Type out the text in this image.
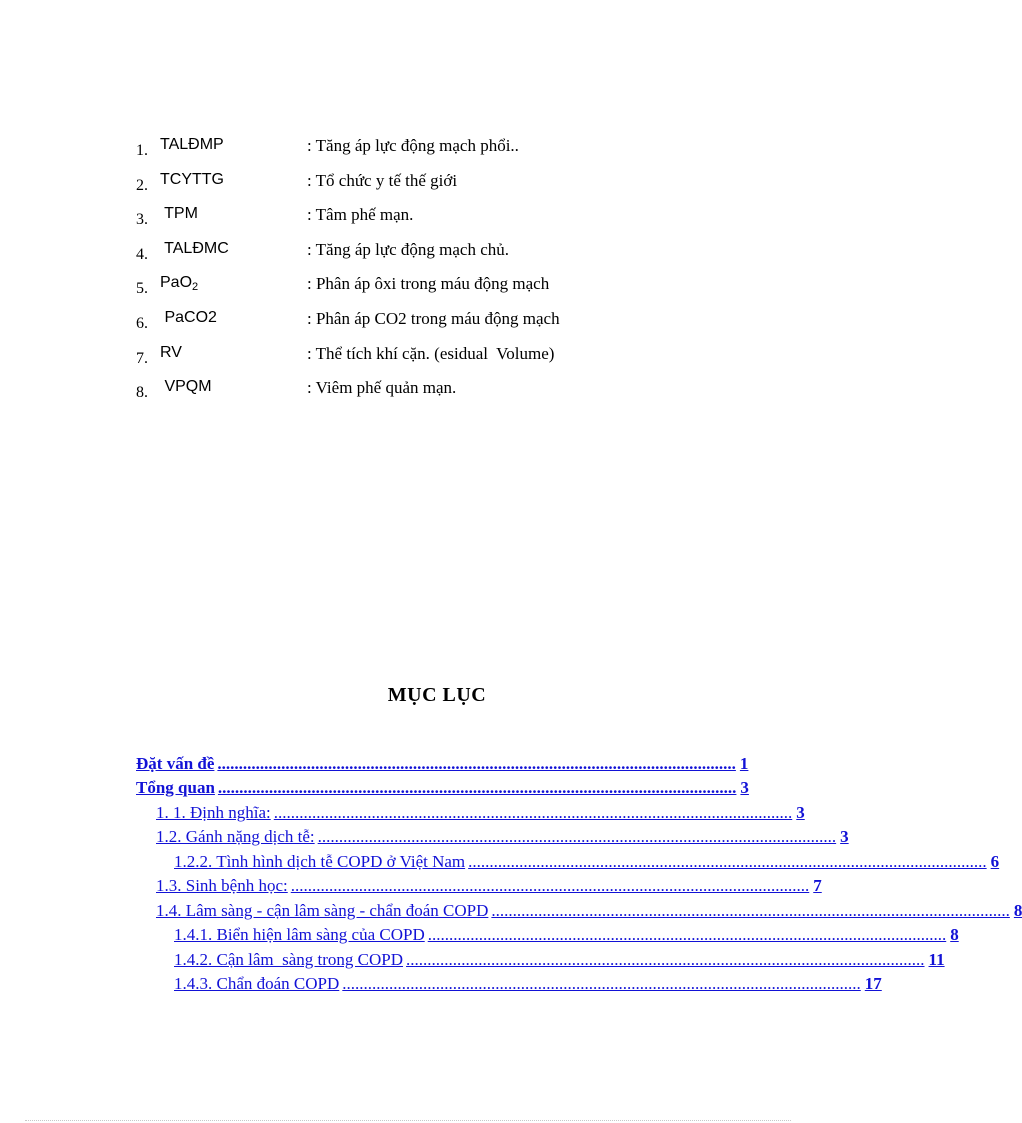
1. TALĐMP	: Tăng áp lực động mạch phổi..
2. TCYTTG	: Tổ chức y tế thế giới
3. TPM	: Tâm phế mạn.
4. TALĐMC	: Tăng áp lực động mạch chủ.
5. PaO$_2$	: Phân áp ôxi trong máu động mạch
6. PaCO2	: Phân áp CO2 trong máu động mạch
7. RV	: Thể tích khí cặn. (esidual  Volume)
8. VPQM	: Viêm phế quản mạn.
MỤC LỤC
Đặt vấn đề .......................................................................................................................... 1
Tổng quan .......................................................................................................................... 3
1. 1. Định nghĩa: .......................................................................................................................... 3
1.2. Gánh nặng dịch tễ: .......................................................................................................................... 3
1.2.2. Tình hình dịch tễ COPD ở Việt Nam .......................................................................................................................... 6
1.3. Sinh bệnh học: .......................................................................................................................... 7
1.4. Lâm sàng - cận lâm sàng - chẩn đoán COPD .......................................................................................................................... 8
1.4.1. Biển hiện lâm sàng của COPD .......................................................................................................................... 8
1.4.2. Cận lâm  sàng trong COPD .......................................................................................................................... 11
1.4.3. Chẩn đoán COPD .......................................................................................................................... 17
